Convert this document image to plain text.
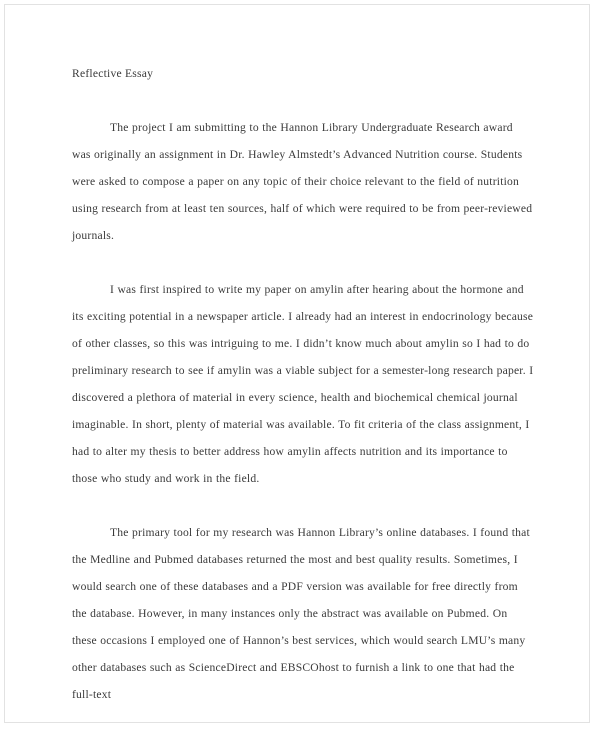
Reflective Essay

The project I am submitting to the Hannon Library Undergraduate Research award was originally an assignment in Dr. Hawley Almstedt’s Advanced Nutrition course. Students were asked to compose a paper on any topic of their choice relevant to the field of nutrition using research from at least ten sources, half of which were required to be from peer-reviewed journals.

I was first inspired to write my paper on amylin after hearing about the hormone and its exciting potential in a newspaper article. I already had an interest in endocrinology because of other classes, so this was intriguing to me. I didn’t know much about amylin so I had to do preliminary research to see if amylin was a viable subject for a semester-long research paper. I discovered a plethora of material in every science, health and biochemical chemical journal imaginable. In short, plenty of material was available. To fit criteria of the class assignment, I had to alter my thesis to better address how amylin affects nutrition and its importance to those who study and work in the field.

The primary tool for my research was Hannon Library’s online databases. I found that the Medline and Pubmed databases returned the most and best quality results. Sometimes, I would search one of these databases and a PDF version was available for free directly from the database. However, in many instances only the abstract was available on Pubmed. On these occasions I employed one of Hannon’s best services, which would search LMU’s many other databases such as ScienceDirect and EBSCOhost to furnish a link to one that had the full-text
